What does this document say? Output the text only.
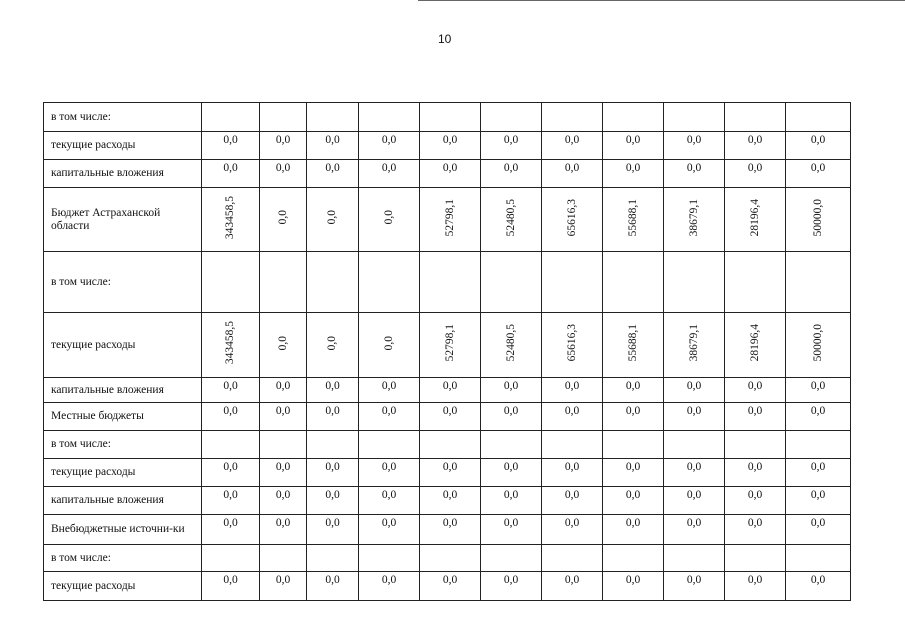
10
в том числе:											
текущие расходы	0,0	0,0	0,0	0,0	0,0	0,0	0,0	0,0	0,0	0,0	0,0
капитальные вложения	0,0	0,0	0,0	0,0	0,0	0,0	0,0	0,0	0,0	0,0	0,0
Бюджет Астраханской области	343458,5	0,0	0,0	0,0	52798,1	52480,5	65616,3	55688,1	38679,1	28196,4	50000,0
в том числе:											
текущие расходы	343458,5	0,0	0,0	0,0	52798,1	52480,5	65616,3	55688,1	38679,1	28196,4	50000,0
капитальные вложения	0,0	0,0	0,0	0,0	0,0	0,0	0,0	0,0	0,0	0,0	0,0
Местные бюджеты	0,0	0,0	0,0	0,0	0,0	0,0	0,0	0,0	0,0	0,0	0,0
в том числе:											
текущие расходы	0,0	0,0	0,0	0,0	0,0	0,0	0,0	0,0	0,0	0,0	0,0
капитальные вложения	0,0	0,0	0,0	0,0	0,0	0,0	0,0	0,0	0,0	0,0	0,0
Внебюджетные источни-ки	0,0	0,0	0,0	0,0	0,0	0,0	0,0	0,0	0,0	0,0	0,0
в том числе:											
текущие расходы	0,0	0,0	0,0	0,0	0,0	0,0	0,0	0,0	0,0	0,0	0,0
